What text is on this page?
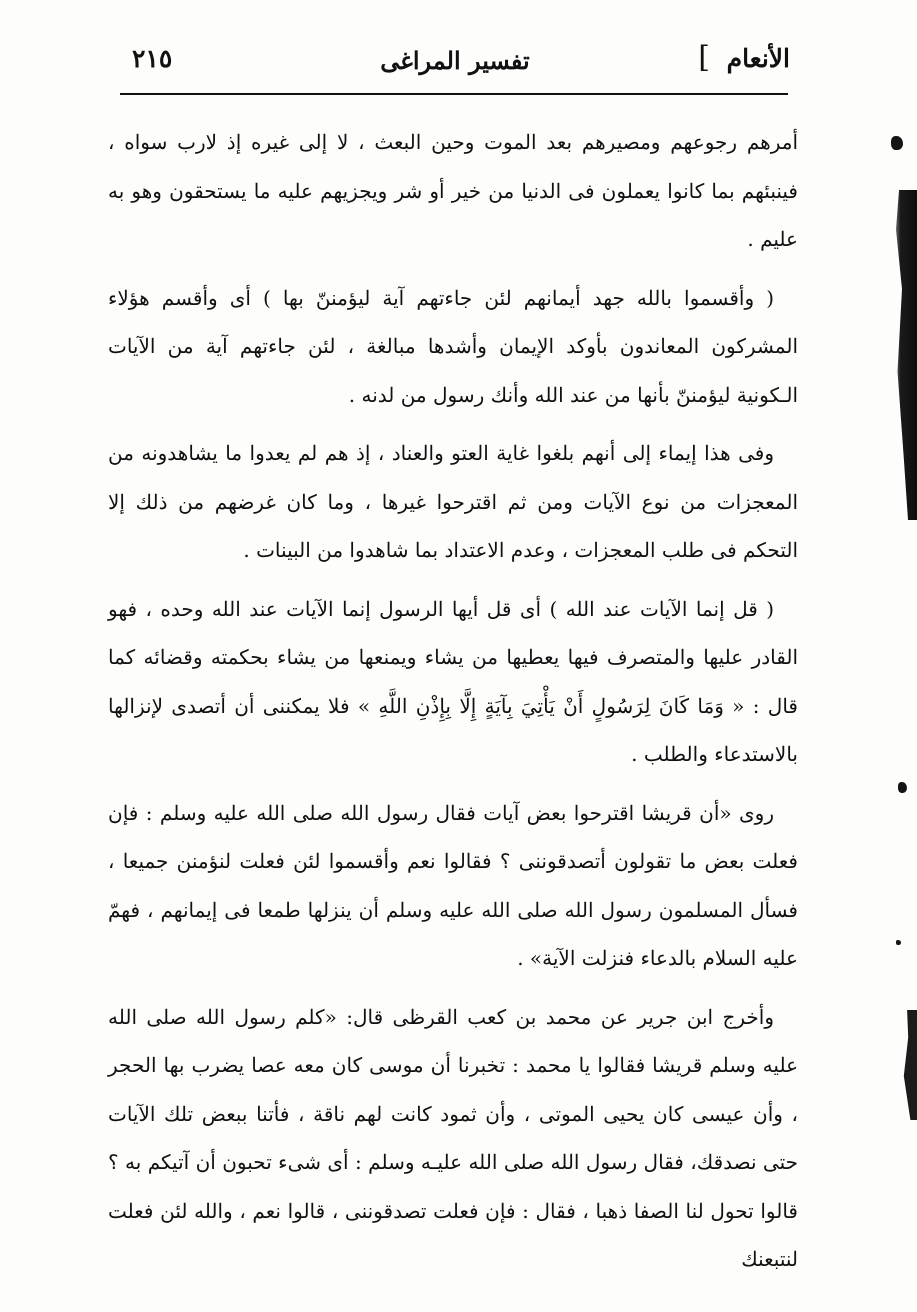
الأنعام
]
تفسير المراغى
٢١٥

أمرهم رجوعهم ومصيرهم بعد الموت وحين البعث ، لا إلى غيره إذ لارب سواه ، فينبئهم بما كانوا يعملون فى الدنيا من خير أو شر ويجزيهم عليه ما يستحقون وهو به عليم .

( وأقسموا بالله جهد أيمانهم لئن جاءتهم آية ليؤمننّ بها ) أى وأقسم هؤلاء المشركون المعاندون بأوكد الإيمان وأشدها مبالغة ، لئن جاءتهم آية من الآيات الـكونية ليؤمننّ بأنها من عند الله وأنك رسول من لدنه .

وفى هذا إيماء إلى أنهم بلغوا غاية العتو والعناد ، إذ هم لم يعدوا ما يشاهدونه من المعجزات من نوع الآيات ومن ثم اقترحوا غيرها ، وما كان غرضهم من ذلك إلا التحكم فى طلب المعجزات ، وعدم الاعتداد بما شاهدوا من البينات .

( قل إنما الآيات عند الله ) أى قل أيها الرسول إنما الآيات عند الله وحده ، فهو القادر عليها والمتصرف فيها يعطيها من يشاء ويمنعها من يشاء بحكمته وقضائه كما قال : « وَمَا كَانَ لِرَسُولٍ أَنْ يَأْتِيَ بِآيَةٍ إِلَّا بِإِذْنِ اللَّهِ » فلا يمكننى أن أتصدى لإنزالها بالاستدعاء والطلب .

روى «أن قريشا اقترحوا بعض آيات فقال رسول الله صلى الله عليه وسلم : فإن فعلت بعض ما تقولون أتصدقوننى ؟ فقالوا نعم وأقسموا لئن فعلت لنؤمنن جميعا ، فسأل المسلمون رسول الله صلى الله عليه وسلم أن ينزلها طمعا فى إيمانهم ، فهمّ عليه السلام بالدعاء فنزلت الآية» .

وأخرج ابن جرير عن محمد بن كعب القرظى قال: «كلم رسول الله صلى الله عليه وسلم قريشا فقالوا يا محمد : تخبرنا أن موسى كان معه عصا يضرب بها الحجر ، وأن عيسى كان يحيى الموتى ، وأن ثمود كانت لهم ناقة ، فأتنا ببعض تلك الآيات حتى نصدقك، فقال رسول الله صلى الله عليـه وسلم : أى شىء تحبون أن آتيكم به ؟ قالوا تحول لنا الصفا ذهبا ، فقال : فإن فعلت تصدقوننى ، قالوا نعم ، والله لئن فعلت لنتبعنك
